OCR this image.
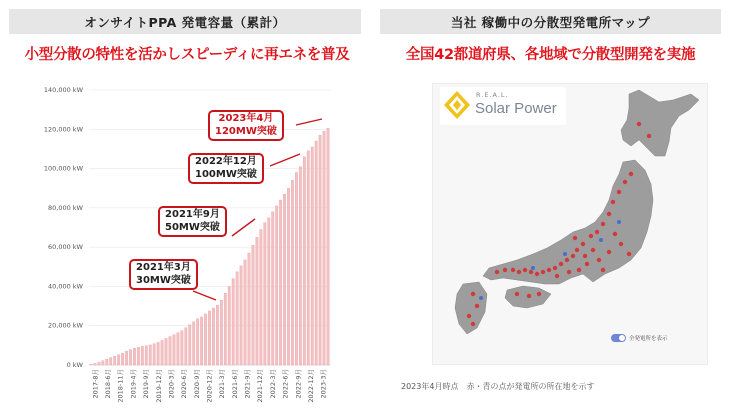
オンサイトPPA 発電容量（累計）	当社 稼働中の分散型発電所マップ
小型分散の特性を活かしスピーディに再エネを普及	全国42都道府県、各地域で分散型開発を実施
0 kW
20,000 kW
40,000 kW
60,000 kW
80,000 kW
100,000 kW
120,000 kW
140,000 kW
2017-8月 2018-6月 2018-11月 2019-4月 2019-9月 2019-12月 2020-3月 2020-6月 2020-9月 2020-12月 2021-3月 2021-6月 2021-9月 2021-12月 2022-3月 2022-6月 2022-9月 2022-12月 2023-3月
2021年3月
30MW突破
2021年9月
50MW突破
2022年12月
100MW突破
2023年4月
120MW突破
R.E.A.L.
Solar Power
全発電所を表示
2023年4月時点　赤・青の点が発電所の所在地を示す
